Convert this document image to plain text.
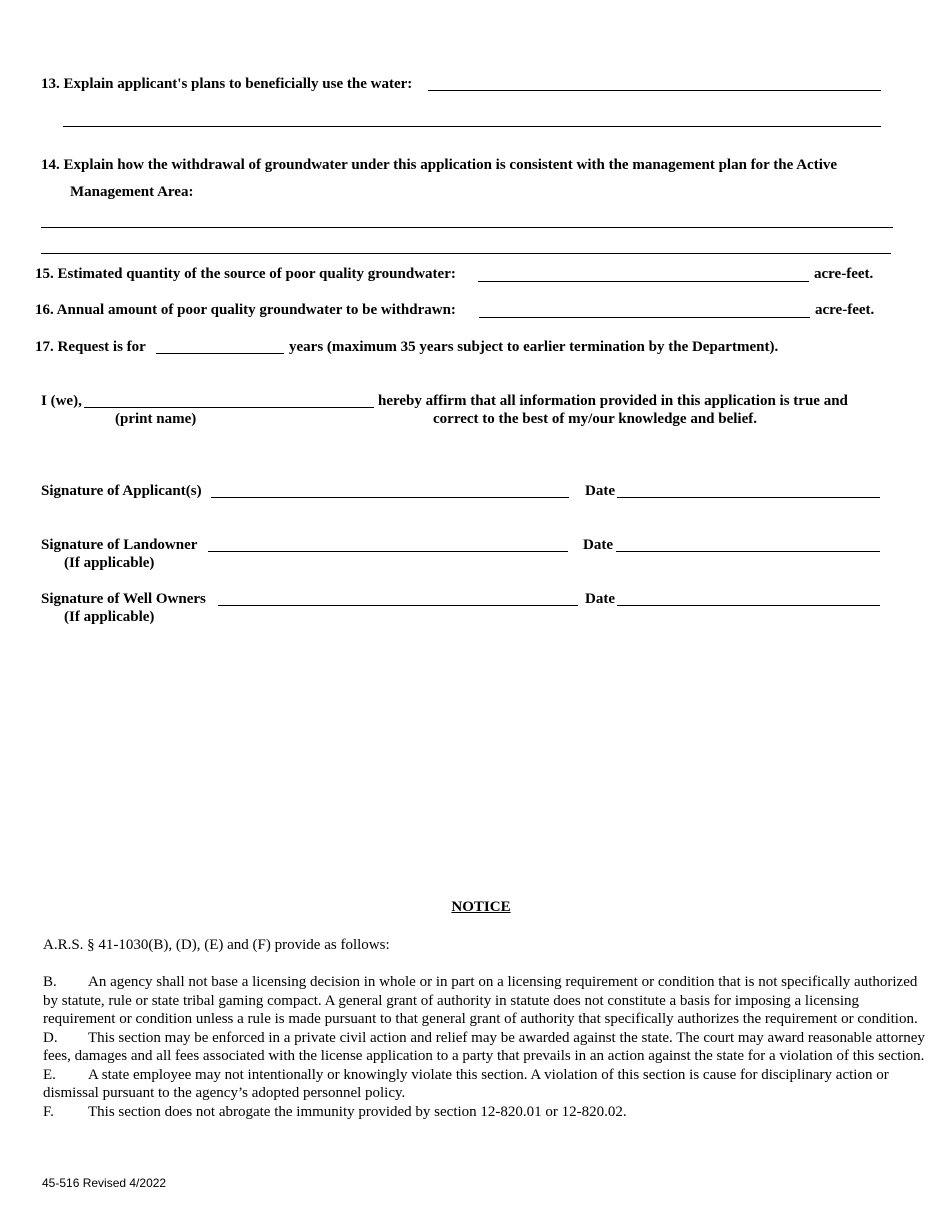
13. Explain applicant's plans to beneficially use the water:
14. Explain how the withdrawal of groundwater under this application is consistent with the management plan for the Active
Management Area:
15. Estimated quantity of the source of poor quality groundwater:	acre-feet.
16. Annual amount of poor quality groundwater to be withdrawn:	acre-feet.
17. Request is for	years (maximum 35 years subject to earlier termination by the Department).
I (we),
(print name)
hereby affirm that all information provided in this application is true and
correct to the best of my/our knowledge and belief.
Signature of Applicant(s)	Date
Signature of Landowner
(If applicable)
Date
Signature of Well Owners
(If applicable)
Date
NOTICE
A.R.S. § 41-1030(B), (D), (E) and (F) provide as follows:
B. An agency shall not base a licensing decision in whole or in part on a licensing requirement or condition that is not specifically authorized by statute, rule or state tribal gaming compact. A general grant of authority in statute does not constitute a basis for imposing a licensing requirement or condition unless a rule is made pursuant to that general grant of authority that specifically authorizes the requirement or condition.
D. This section may be enforced in a private civil action and relief may be awarded against the state. The court may award reasonable attorney fees, damages and all fees associated with the license application to a party that prevails in an action against the state for a violation of this section.
E. A state employee may not intentionally or knowingly violate this section. A violation of this section is cause for disciplinary action or dismissal pursuant to the agency’s adopted personnel policy.
F. This section does not abrogate the immunity provided by section 12-820.01 or 12-820.02.
45-516 Revised 4/2022
